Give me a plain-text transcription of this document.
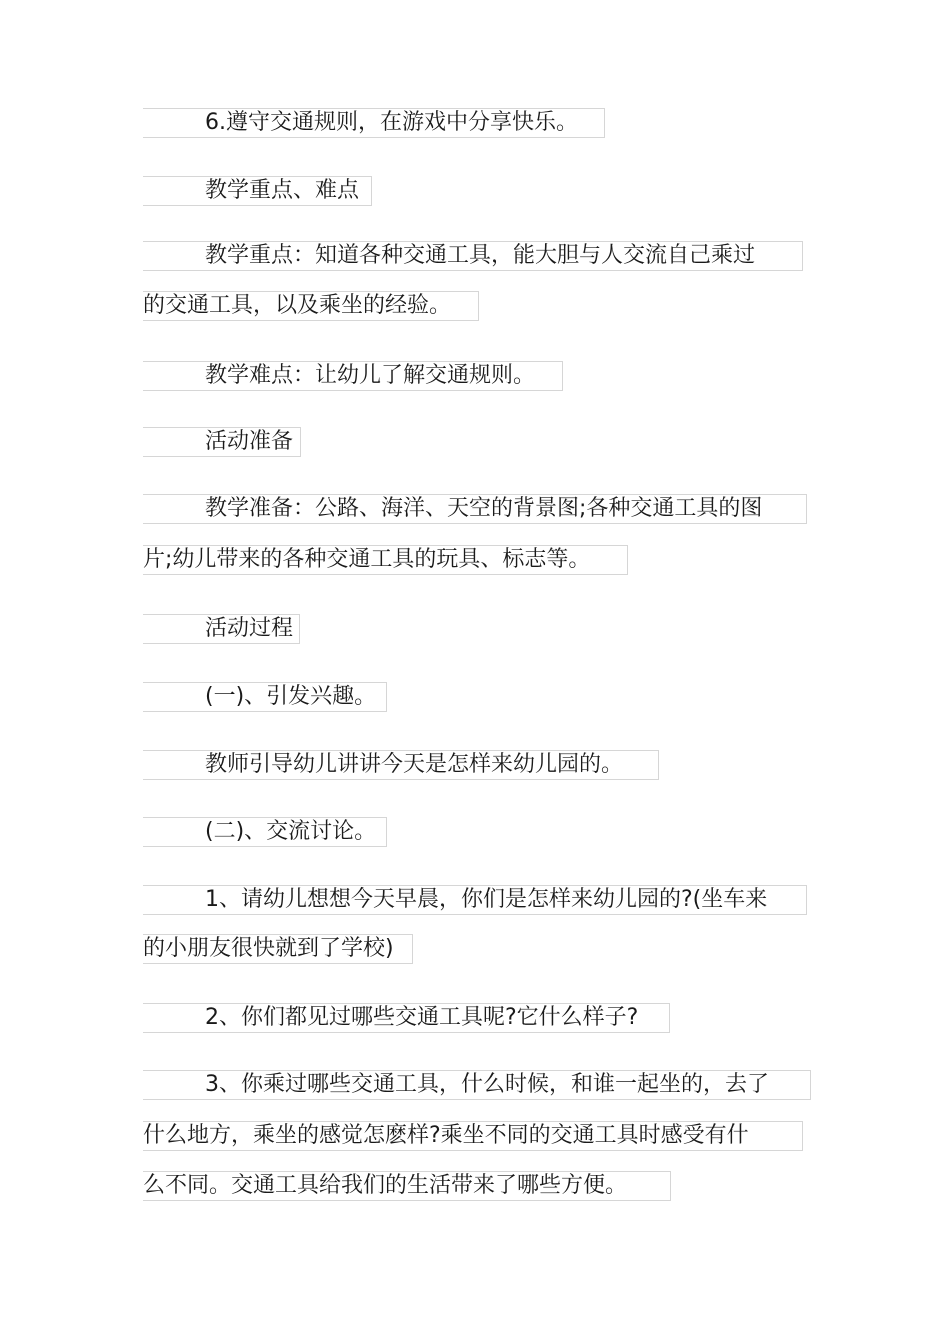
6.遵守交通规则，在游戏中分享快乐。
教学重点、难点
教学重点：知道各种交通工具，能大胆与人交流自己乘过
的交通工具，以及乘坐的经验。
教学难点：让幼儿了解交通规则。
活动准备
教学准备：公路、海洋、天空的背景图;各种交通工具的图
片;幼儿带来的各种交通工具的玩具、标志等。
活动过程
(一)、引发兴趣。
教师引导幼儿讲讲今天是怎样来幼儿园的。
(二)、交流讨论。
1、请幼儿想想今天早晨，你们是怎样来幼儿园的?(坐车来
的小朋友很快就到了学校)
2、你们都见过哪些交通工具呢?它什么样子?
3、你乘过哪些交通工具，什么时候，和谁一起坐的，去了
什么地方，乘坐的感觉怎麽样?乘坐不同的交通工具时感受有什
么不同。交通工具给我们的生活带来了哪些方便。
